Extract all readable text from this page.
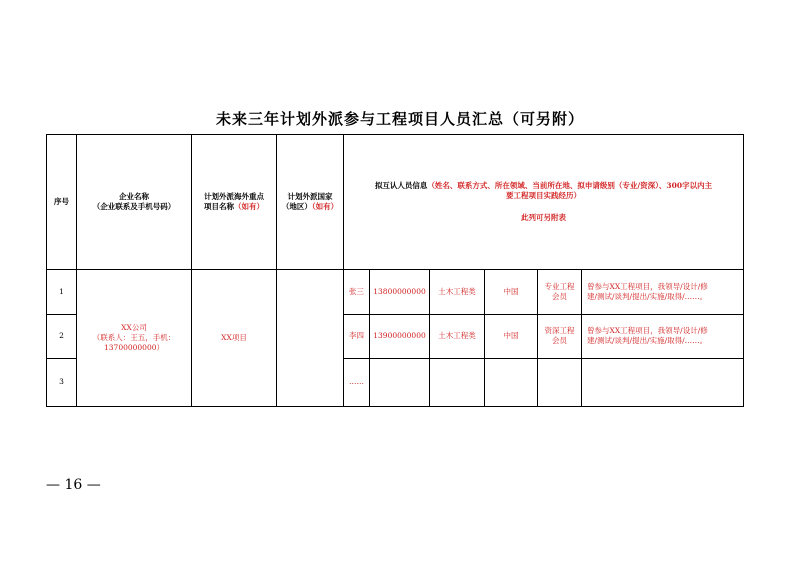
未来三年计划外派参与工程项目人员汇总（可另附）
序号	企业名称
（企业联系及手机号码）	计划外派海外重点
项目名称（如有）	计划外派国家
（地区）（如有）	拟互认人员信息（姓名、联系方式、所在领域、当前所在地、拟申请级别（专业/资深）、300字以内主要工程项目实践经历）
此列可另附表					

1	XX公司
（联系人：王五，手机：
13700000000）	XX项目		张三	13800000000	土木工程类	中国	专业工程
会员	曾参与XX工程项目，我领导/设计/修
建/测试/谈判/提出/实施/取得/……。
2				李四	13900000000	土木工程类	中国	资深工程
会员	曾参与XX工程项目，我领导/设计/修
建/测试/谈判/提出/实施/取得/……。
3				……					
— 16 —
